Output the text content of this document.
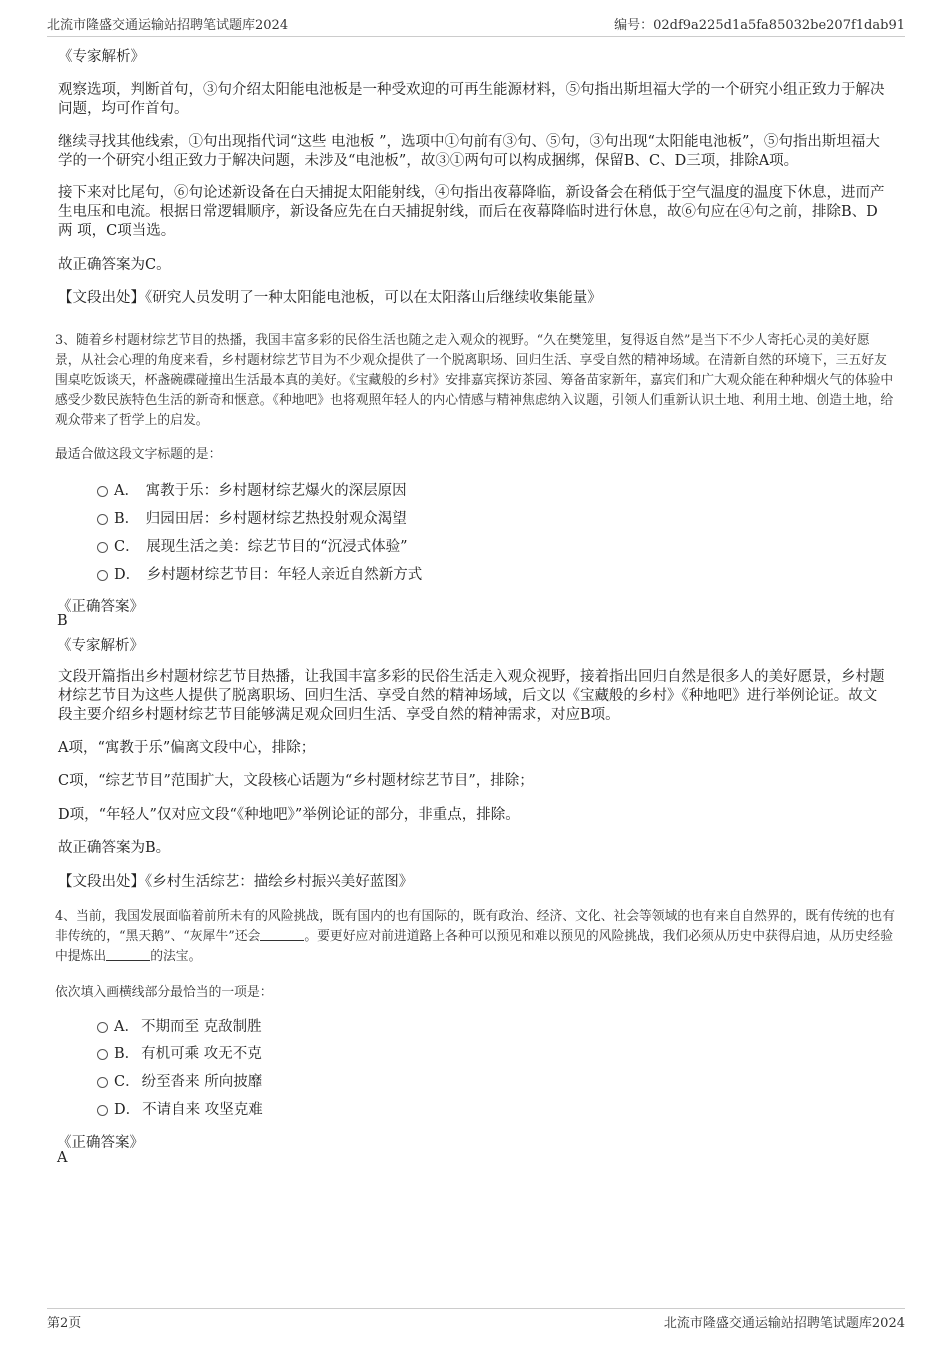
北流市隆盛交通运输站招聘笔试题库2024	编号：02df9a225d1a5fa85032be207f1dab91
《专家解析》
观察选项，判断首句，③句介绍太阳能电池板是一种受欢迎的可再生能源材料，⑤句指出斯坦福大学的一个研究小组正致力于解决问题，均可作首句。
继续寻找其他线索，①句出现指代词“这些 电池板 ”，选项中①句前有③句、⑤句，③句出现“太阳能电池板”，⑤句指出斯坦福大学的一个研究小组正致力于解决问题，未涉及“电池板”，故③①两句可以构成捆绑，保留B、C、D三项，排除A项。
接下来对比尾句，⑥句论述新设备在白天捕捉太阳能射线，④句指出夜幕降临，新设备会在稍低于空气温度的温度下休息，进而产生电压和电流。根据日常逻辑顺序，新设备应先在白天捕捉射线，而后在夜幕降临时进行休息，故⑥句应在④句之前，排除B、D 两 项，C项当选。
故正确答案为C。
【文段出处】《研究人员发明了一种太阳能电池板，可以在太阳落山后继续收集能量》
3、随着乡村题材综艺节目的热播，我国丰富多彩的民俗生活也随之走入观众的视野。“久在樊笼里，复得返自然”是当下不少人寄托心灵的美好愿景，从社会心理的角度来看，乡村题材综艺节目为不少观众提供了一个脱离职场、回归生活、享受自然的精神场域。在清新自然的环境下，三五好友围桌吃饭谈天，杯盏碗碟碰撞出生活最本真的美好。《宝藏般的乡村》安排嘉宾探访茶园、筹备苗家新年，嘉宾们和广大观众能在种种烟火气的体验中感受少数民族特色生活的新奇和惬意。《种地吧》也将观照年轻人的内心情感与精神焦虑纳入议题，引领人们重新认识土地、利用土地、创造土地，给观众带来了哲学上的启发。
最适合做这段文字标题的是：
A． 寓教于乐：乡村题材综艺爆火的深层原因
B． 归园田居：乡村题材综艺热投射观众渴望
C． 展现生活之美：综艺节目的“沉浸式体验”
D． 乡村题材综艺节目：年轻人亲近自然新方式
《正确答案》
B
《专家解析》
文段开篇指出乡村题材综艺节目热播，让我国丰富多彩的民俗生活走入观众视野，接着指出回归自然是很多人的美好愿景，乡村题材综艺节目为这些人提供了脱离职场、回归生活、享受自然的精神场域，后文以《宝藏般的乡村》《种地吧》进行举例论证。故文段主要介绍乡村题材综艺节目能够满足观众回归生活、享受自然的精神需求，对应B项。
A项，“寓教于乐”偏离文段中心，排除；
C项，“综艺节目”范围扩大，文段核心话题为“乡村题材综艺节目”，排除；
D项，“年轻人”仅对应文段“《种地吧》”举例论证的部分，非重点，排除。
故正确答案为B。
【文段出处】《乡村生活综艺：描绘乡村振兴美好蓝图》
4、当前，我国发展面临着前所未有的风险挑战，既有国内的也有国际的，既有政治、经济、文化、社会等领域的也有来自自然界的，既有传统的也有非传统的，“黑天鹅”、“灰犀牛”还会	。要更好应对前进道路上各种可以预见和难以预见的风险挑战，我们必须从历史中获得启迪，从历史经验中提炼出	的法宝。
依次填入画横线部分最恰当的一项是：
A． 不期而至 克敌制胜
B． 有机可乘 攻无不克
C． 纷至沓来 所向披靡
D． 不请自来 攻坚克难
《正确答案》
A
第2页	北流市隆盛交通运输站招聘笔试题库2024
